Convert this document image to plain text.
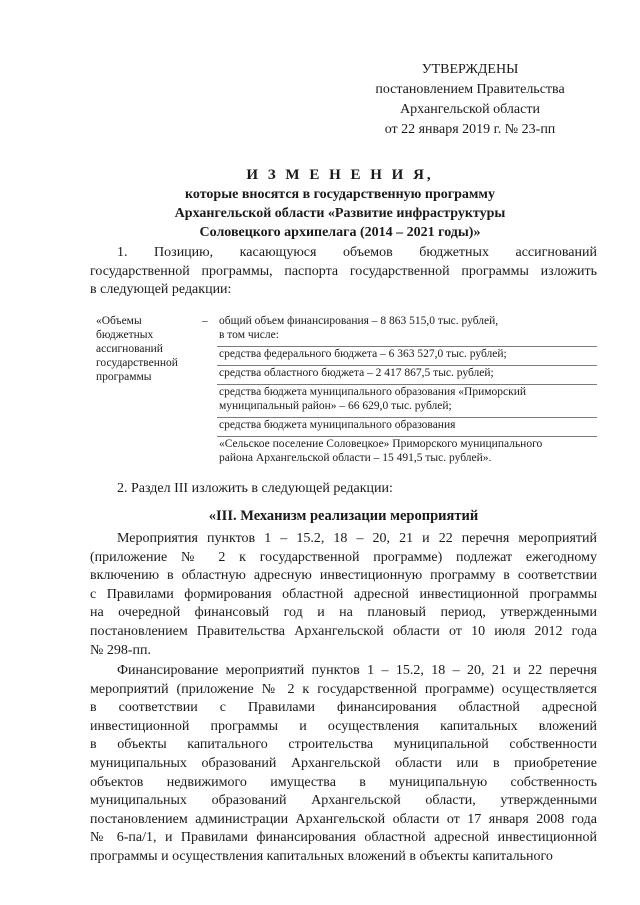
УТВЕРЖДЕНЫ
постановлением Правительства
Архангельской области
от 22 января 2019 г. № 23-пп
И З М Е Н Е Н И Я,
которые вносятся в государственную программу
Архангельской области «Развитие инфраструктуры
Соловецкого архипелага (2014 – 2021 годы)»
1. Позицию, касающуюся объемов бюджетных ассигнований
государственной программы, паспорта государственной программы изложить
в следующей редакции:
«Объемы
бюджетных
ассигнований
государственной
программы
– общий объем финансирования – 8 863 515,0 тыс. рублей,
в том числе:
средства федерального бюджета – 6 363 527,0 тыс. рублей;
средства областного бюджета – 2 417 867,5 тыс. рублей;
средства бюджета муниципального образования «Приморский
муниципальный район» – 66 629,0 тыс. рублей;
средства бюджета муниципального образования
«Сельское поселение Соловецкое» Приморского муниципального
района Архангельской области – 15 491,5 тыс. рублей».
2. Раздел III изложить в следующей редакции:
«III. Механизм реализации мероприятий
Мероприятия пунктов 1 – 15.2, 18 – 20, 21 и 22 перечня мероприятий
(приложение № 2 к государственной программе) подлежат ежегодному
включению в областную адресную инвестиционную программу в соответствии
с Правилами формирования областной адресной инвестиционной программы
на очередной финансовый год и на плановый период, утвержденными
постановлением Правительства Архангельской области от 10 июля 2012 года
№ 298-пп.
Финансирование мероприятий пунктов 1 – 15.2, 18 – 20, 21 и 22 перечня
мероприятий (приложение № 2 к государственной программе) осуществляется
в соответствии с Правилами финансирования областной адресной
инвестиционной программы и осуществления капитальных вложений
в объекты капитального строительства муниципальной собственности
муниципальных образований Архангельской области или в приобретение
объектов недвижимого имущества в муниципальную собственность
муниципальных образований Архангельской области, утвержденными
постановлением администрации Архангельской области от 17 января 2008 года
№ 6-па/1, и Правилами финансирования областной адресной инвестиционной
программы и осуществления капитальных вложений в объекты капитального
